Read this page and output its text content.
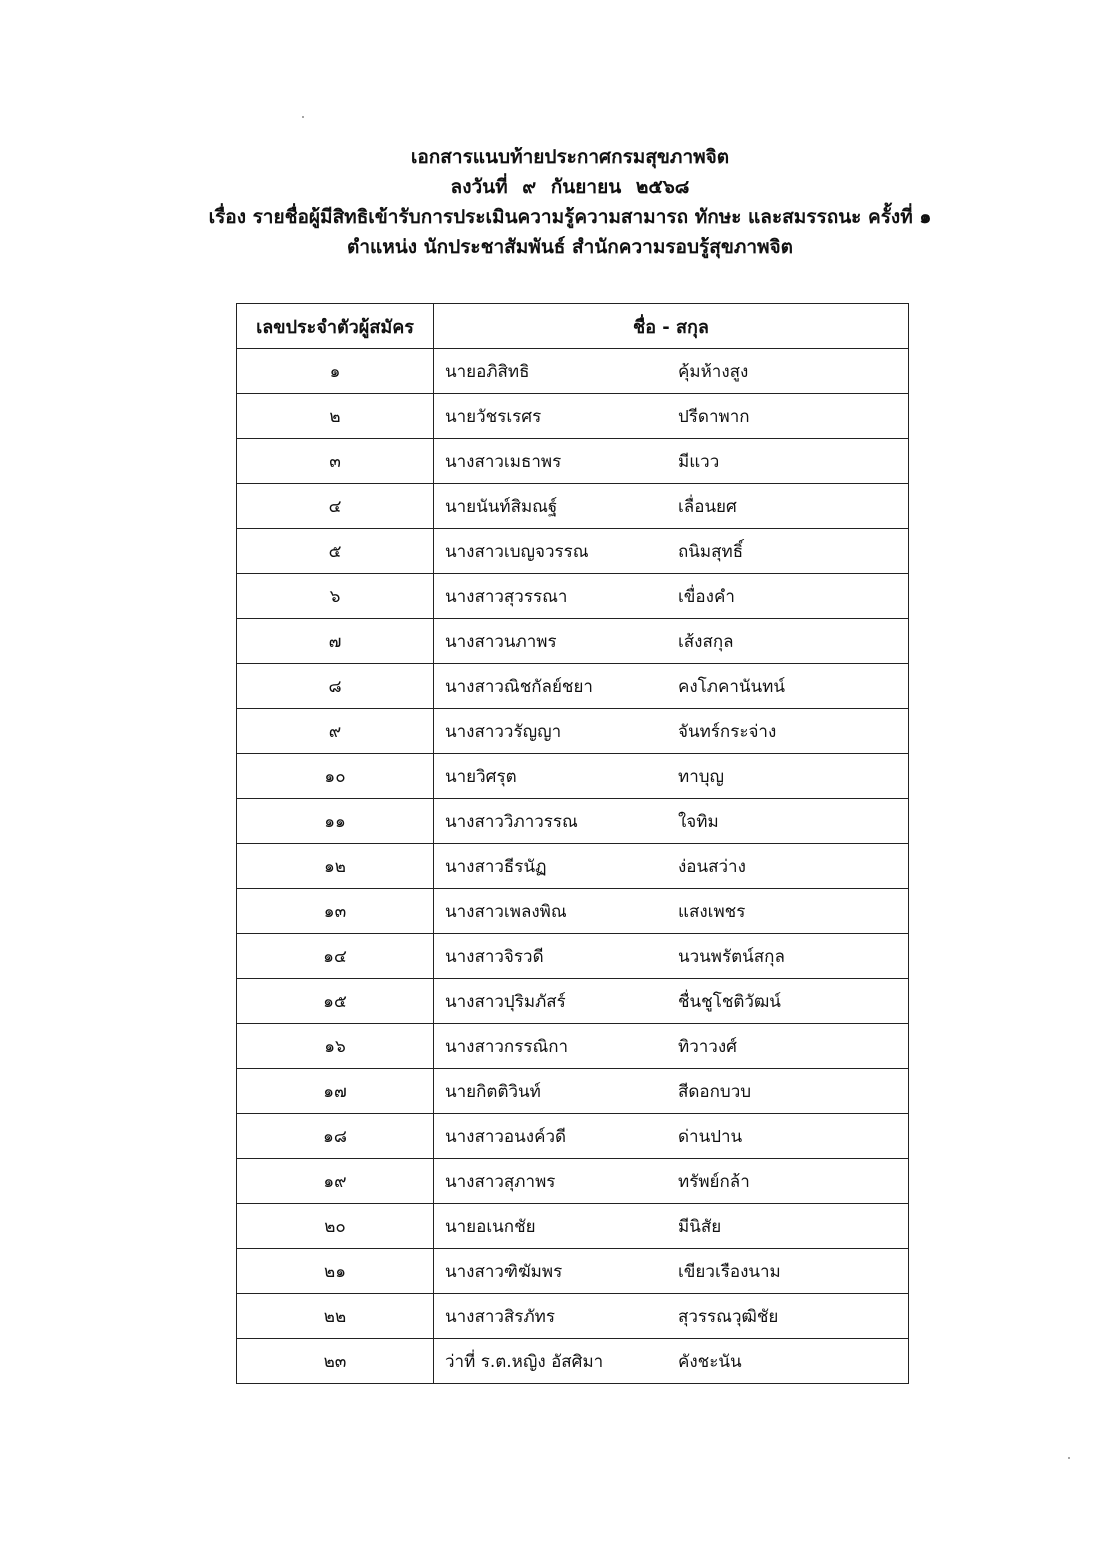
เอกสารแนบท้ายประกาศกรมสุขภาพจิต
ลงวันที่ ๙ กันยายน ๒๕๖๘
เรื่อง รายชื่อผู้มีสิทธิเข้ารับการประเมินความรู้ความสามารถ ทักษะ และสมรรถนะ ครั้งที่ ๑
ตำแหน่ง นักประชาสัมพันธ์ สำนักความรอบรู้สุขภาพจิต
เลขประจำตัวผู้สมัคร	ชื่อ - สกุล
๑	นายอภิสิทธิ คุ้มห้างสูง

๒	นายวัชรเรศร ปรีดาพาก

๓	นางสาวเมธาพร มีแวว

๔	นายนันท์สิมณฐ์ เลื่อนยศ

๕	นางสาวเบญจวรรณ ถนิมสุทธิ์

๖	นางสาวสุวรรณา เขื่องคำ

๗	นางสาวนภาพร เส้งสกุล

๘	นางสาวณิชกัลย์ชยา คงโภคานันทน์

๙	นางสาววรัญญา จันทร์กระจ่าง

๑๐	นายวิศรุต ทาบุญ

๑๑	นางสาววิภาวรรณ ใจทิม

๑๒	นางสาวธีรนัฏ ง่อนสว่าง

๑๓	นางสาวเพลงพิณ แสงเพชร

๑๔	นางสาวจิรวดี นวนพรัตน์สกุล

๑๕	นางสาวปุริมภัสร์ ชื่นชูโชติวัฒน์

๑๖	นางสาวกรรณิกา ทิวาวงศ์

๑๗	นายกิตติวินท์ สีดอกบวบ

๑๘	นางสาวอนงค์วดี ด่านปาน

๑๙	นางสาวสุภาพร ทรัพย์กล้า

๒๐	นายอเนกชัย มีนิสัย

๒๑	นางสาวฑิฆัมพร เขียวเรืองนาม

๒๒	นางสาวสิรภัทร สุวรรณวุฒิชัย

๒๓	ว่าที่ ร.ต.หญิง อัสศิมา คังชะนัน
